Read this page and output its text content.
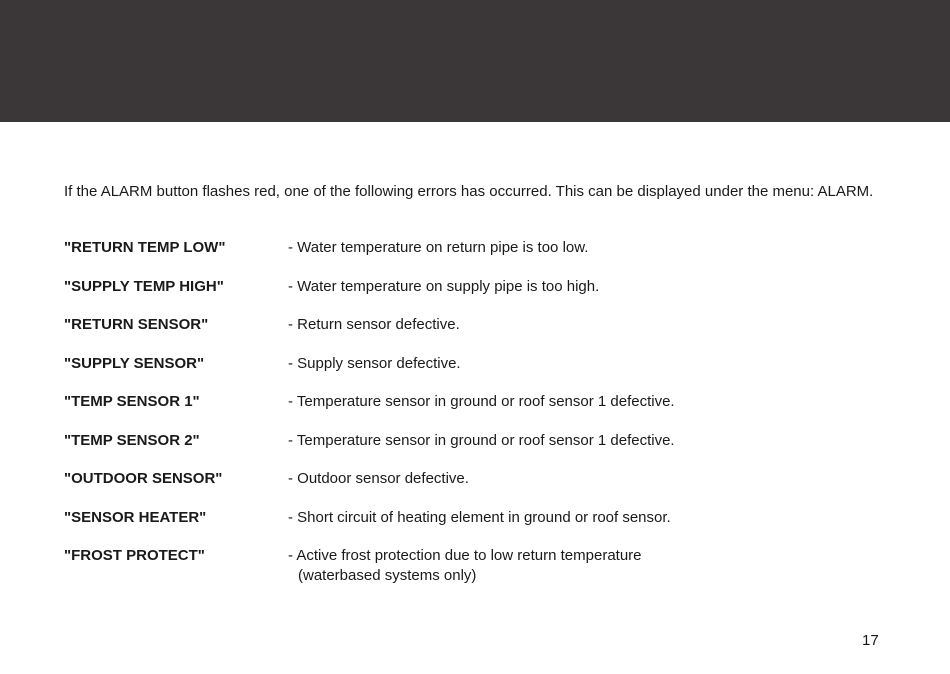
If the ALARM button flashes red, one of the following errors has occurred. This can be displayed under the menu: ALARM.

"RETURN TEMP LOW"	- Water temperature on return pipe is too low.
"SUPPLY TEMP HIGH"	- Water temperature on supply pipe is too high.
"RETURN SENSOR"	- Return sensor defective.
"SUPPLY SENSOR"	- Supply sensor defective.
"TEMP SENSOR 1"	- Temperature sensor in ground or roof sensor 1 defective.
"TEMP SENSOR 2"	- Temperature sensor in ground or roof sensor 1 defective.
"OUTDOOR SENSOR"	- Outdoor sensor defective.
"SENSOR HEATER"	- Short circuit of heating element in ground or roof sensor.
"FROST PROTECT"	- Active frost protection due to low return temperature
(waterbased systems only)
17
